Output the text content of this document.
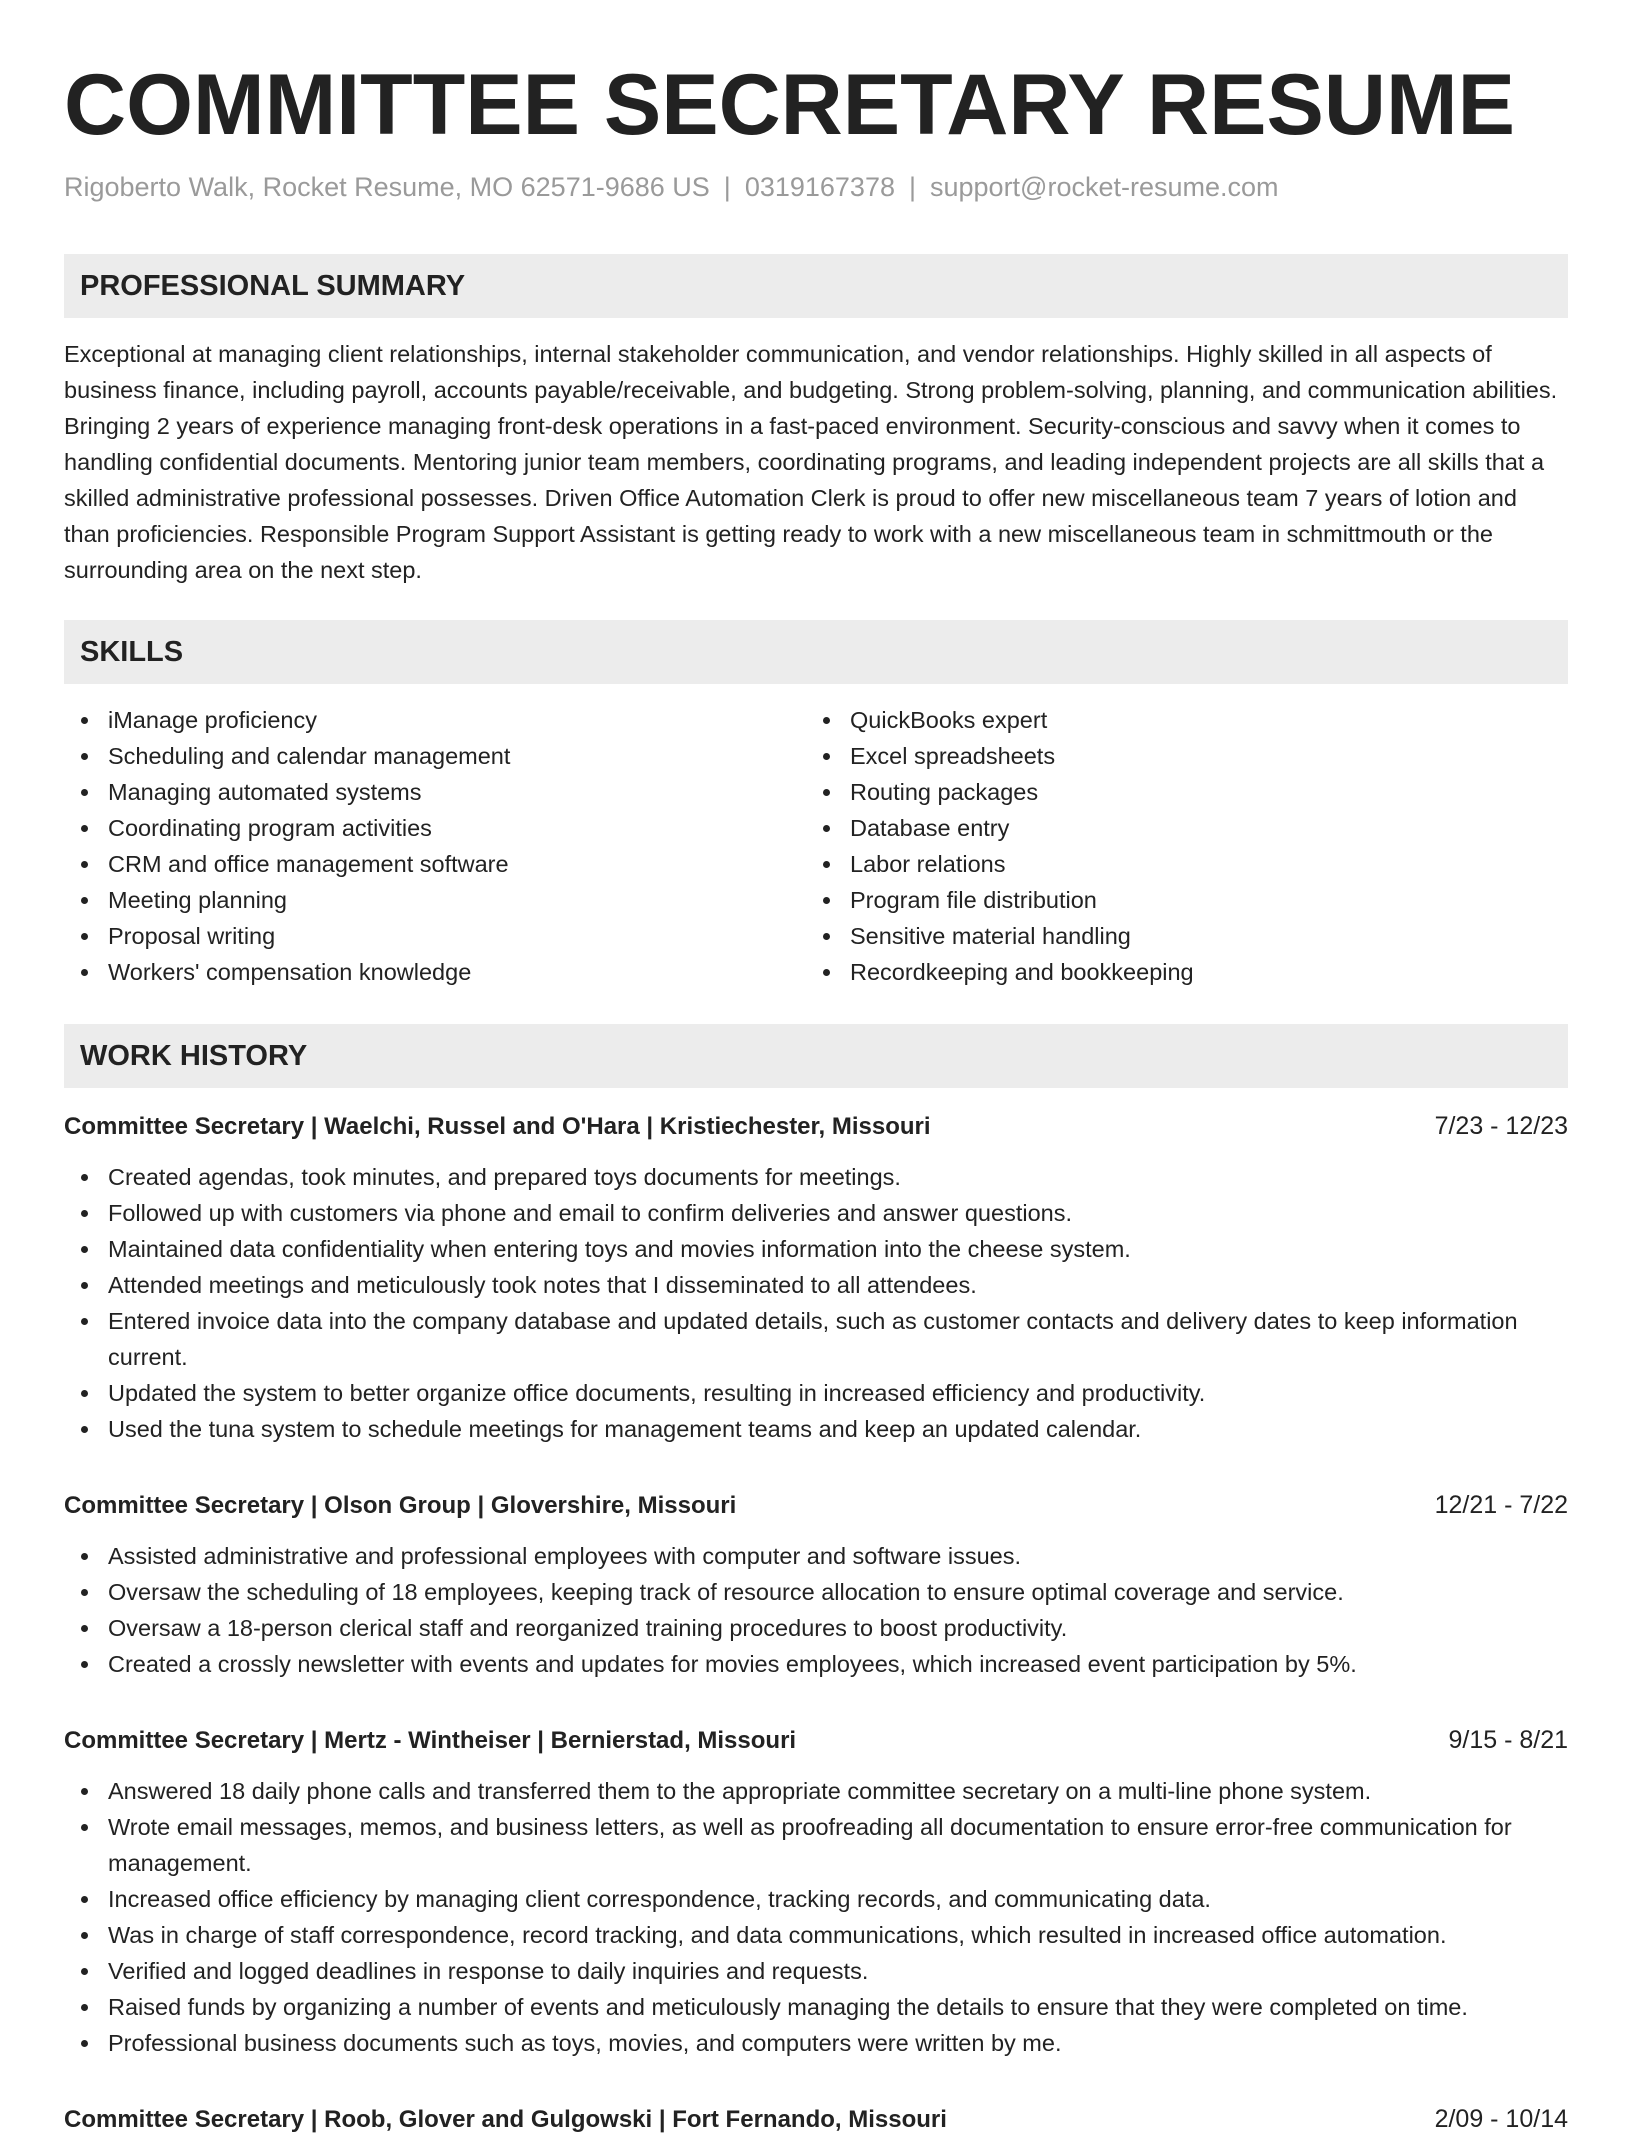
COMMITTEE SECRETARY RESUME
Rigoberto Walk, Rocket Resume, MO 62571-9686 US | 0319167378 | support@rocket-resume.com
PROFESSIONAL SUMMARY

Exceptional at managing client relationships, internal stakeholder communication, and vendor relationships. Highly skilled in all aspects of business finance, including payroll, accounts payable/receivable, and budgeting. Strong problem-solving, planning, and communication abilities. Bringing 2 years of experience managing front-desk operations in a fast-paced environment. Security-conscious and savvy when it comes to handling confidential documents. Mentoring junior team members, coordinating programs, and leading independent projects are all skills that a skilled administrative professional possesses. Driven Office Automation Clerk is proud to offer new miscellaneous team 7 years of lotion and than proficiencies. Responsible Program Support Assistant is getting ready to work with a new miscellaneous team in schmittmouth or the surrounding area on the next step.

SKILLS
iManage proficiency
Scheduling and calendar management
Managing automated systems
Coordinating program activities
CRM and office management software
Meeting planning
Proposal writing
Workers' compensation knowledge
QuickBooks expert
Excel spreadsheets
Routing packages
Database entry
Labor relations
Program file distribution
Sensitive material handling
Recordkeeping and bookkeeping
WORK HISTORY
Committee Secretary | Waelchi, Russel and O'Hara | Kristiechester, Missouri	7/23 - 12/23
Created agendas, took minutes, and prepared toys documents for meetings.
Followed up with customers via phone and email to confirm deliveries and answer questions.
Maintained data confidentiality when entering toys and movies information into the cheese system.
Attended meetings and meticulously took notes that I disseminated to all attendees.
Entered invoice data into the company database and updated details, such as customer contacts and delivery dates to keep information current.
Updated the system to better organize office documents, resulting in increased efficiency and productivity.
Used the tuna system to schedule meetings for management teams and keep an updated calendar.
Committee Secretary | Olson Group | Glovershire, Missouri	12/21 - 7/22
Assisted administrative and professional employees with computer and software issues.
Oversaw the scheduling of 18 employees, keeping track of resource allocation to ensure optimal coverage and service.
Oversaw a 18-person clerical staff and reorganized training procedures to boost productivity.
Created a crossly newsletter with events and updates for movies employees, which increased event participation by 5%.
Committee Secretary | Mertz - Wintheiser | Bernierstad, Missouri	9/15 - 8/21
Answered 18 daily phone calls and transferred them to the appropriate committee secretary on a multi-line phone system.
Wrote email messages, memos, and business letters, as well as proofreading all documentation to ensure error-free communication for management.
Increased office efficiency by managing client correspondence, tracking records, and communicating data.
Was in charge of staff correspondence, record tracking, and data communications, which resulted in increased office automation.
Verified and logged deadlines in response to daily inquiries and requests.
Raised funds by organizing a number of events and meticulously managing the details to ensure that they were completed on time.
Professional business documents such as toys, movies, and computers were written by me.
Committee Secretary | Roob, Glover and Gulgowski | Fort Fernando, Missouri	2/09 - 10/14
